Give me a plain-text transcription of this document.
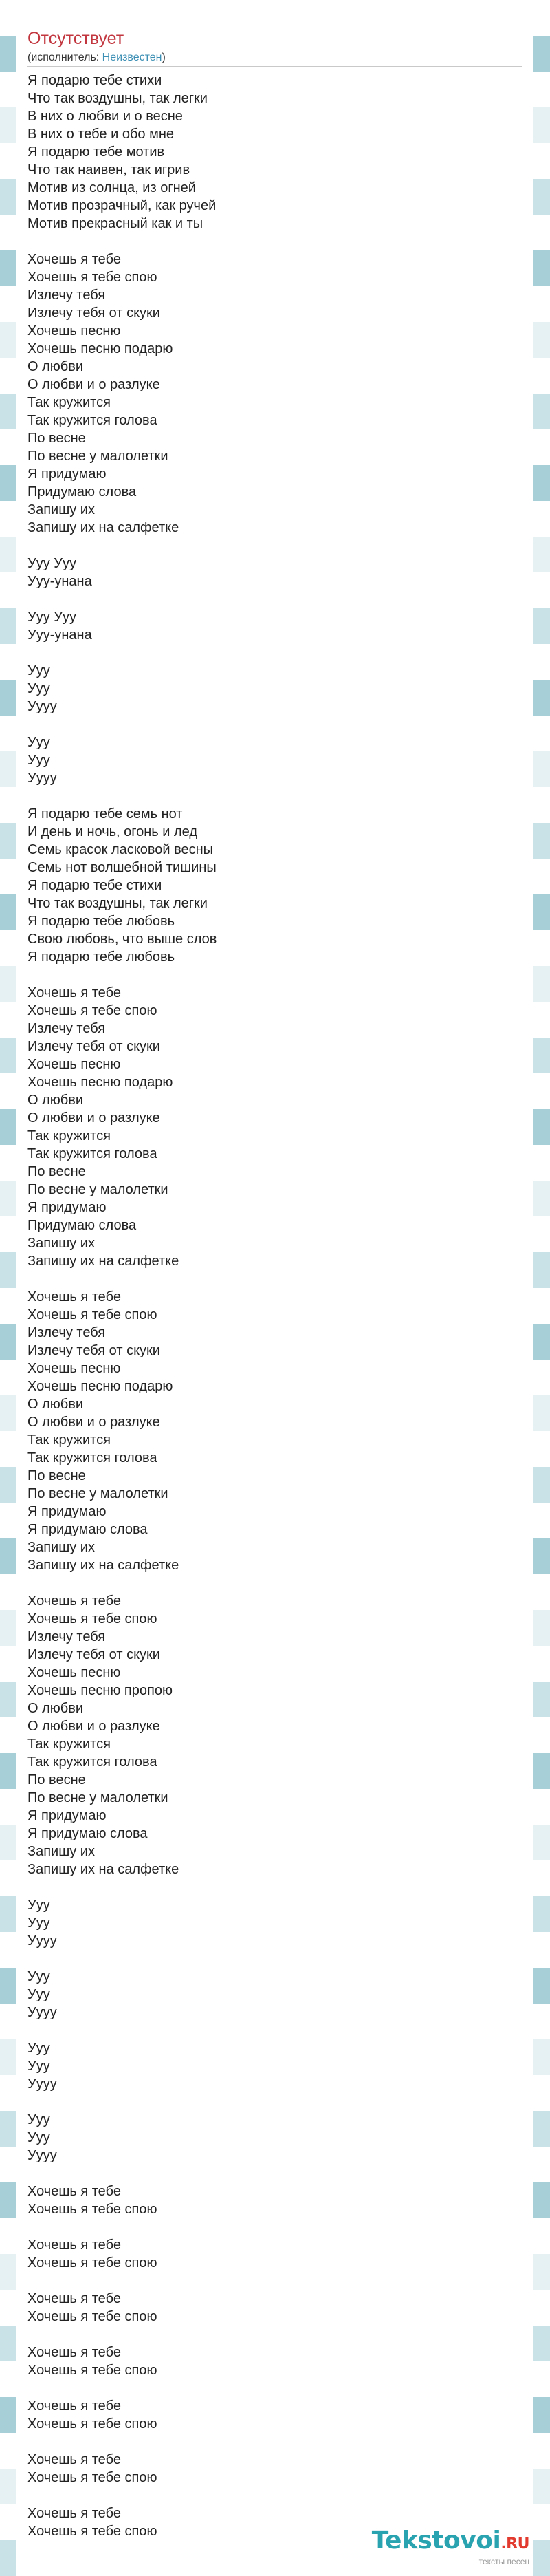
Отсутствует
(исполнитель: Неизвестен)
Я подарю тебе стихи
Что так воздушны, так легки
В них о любви и о весне
В них о тебе и обо мне
Я подарю тебе мотив
Что так наивен, так игрив
Мотив из солнца, из огней
Мотив прозрачный, как ручей
Мотив прекрасный как и ты
Хочешь я тебе
Хочешь я тебе спою
Излечу тебя
Излечу тебя от скуки
Хочешь песню
Хочешь песню подарю
О любви
О любви и о разлуке
Так кружится
Так кружится голова
По весне
По весне у малолетки
Я придумаю
Придумаю слова
Запишу их
Запишу их на салфетке
Ууу Ууу
Ууу-унана
Ууу Ууу
Ууу-унана
Ууу
Ууу
Уууу
Ууу
Ууу
Уууу
Я подарю тебе семь нот
И день и ночь, огонь и лед
Семь красок ласковой весны
Семь нот волшебной тишины
Я подарю тебе стихи
Что так воздушны, так легки
Я подарю тебе любовь
Свою любовь, что выше слов
Я подарю тебе любовь
Хочешь я тебе
Хочешь я тебе спою
Излечу тебя
Излечу тебя от скуки
Хочешь песню
Хочешь песню подарю
О любви
О любви и о разлуке
Так кружится
Так кружится голова
По весне
По весне у малолетки
Я придумаю
Придумаю слова
Запишу их
Запишу их на салфетке
Хочешь я тебе
Хочешь я тебе спою
Излечу тебя
Излечу тебя от скуки
Хочешь песню
Хочешь песню подарю
О любви
О любви и о разлуке
Так кружится
Так кружится голова
По весне
По весне у малолетки
Я придумаю
Я придумаю слова
Запишу их
Запишу их на салфетке
Хочешь я тебе
Хочешь я тебе спою
Излечу тебя
Излечу тебя от скуки
Хочешь песню
Хочешь песню пропою
О любви
О любви и о разлуке
Так кружится
Так кружится голова
По весне
По весне у малолетки
Я придумаю
Я придумаю слова
Запишу их
Запишу их на салфетке
Ууу
Ууу
Уууу
Ууу
Ууу
Уууу
Ууу
Ууу
Уууу
Ууу
Ууу
Уууу
Хочешь я тебе
Хочешь я тебе спою
Хочешь я тебе
Хочешь я тебе спою
Хочешь я тебе
Хочешь я тебе спою
Хочешь я тебе
Хочешь я тебе спою
Хочешь я тебе
Хочешь я тебе спою
Хочешь я тебе
Хочешь я тебе спою
Хочешь я тебе
Хочешь я тебе спою	Tekstovoi.RU
тексты песен
